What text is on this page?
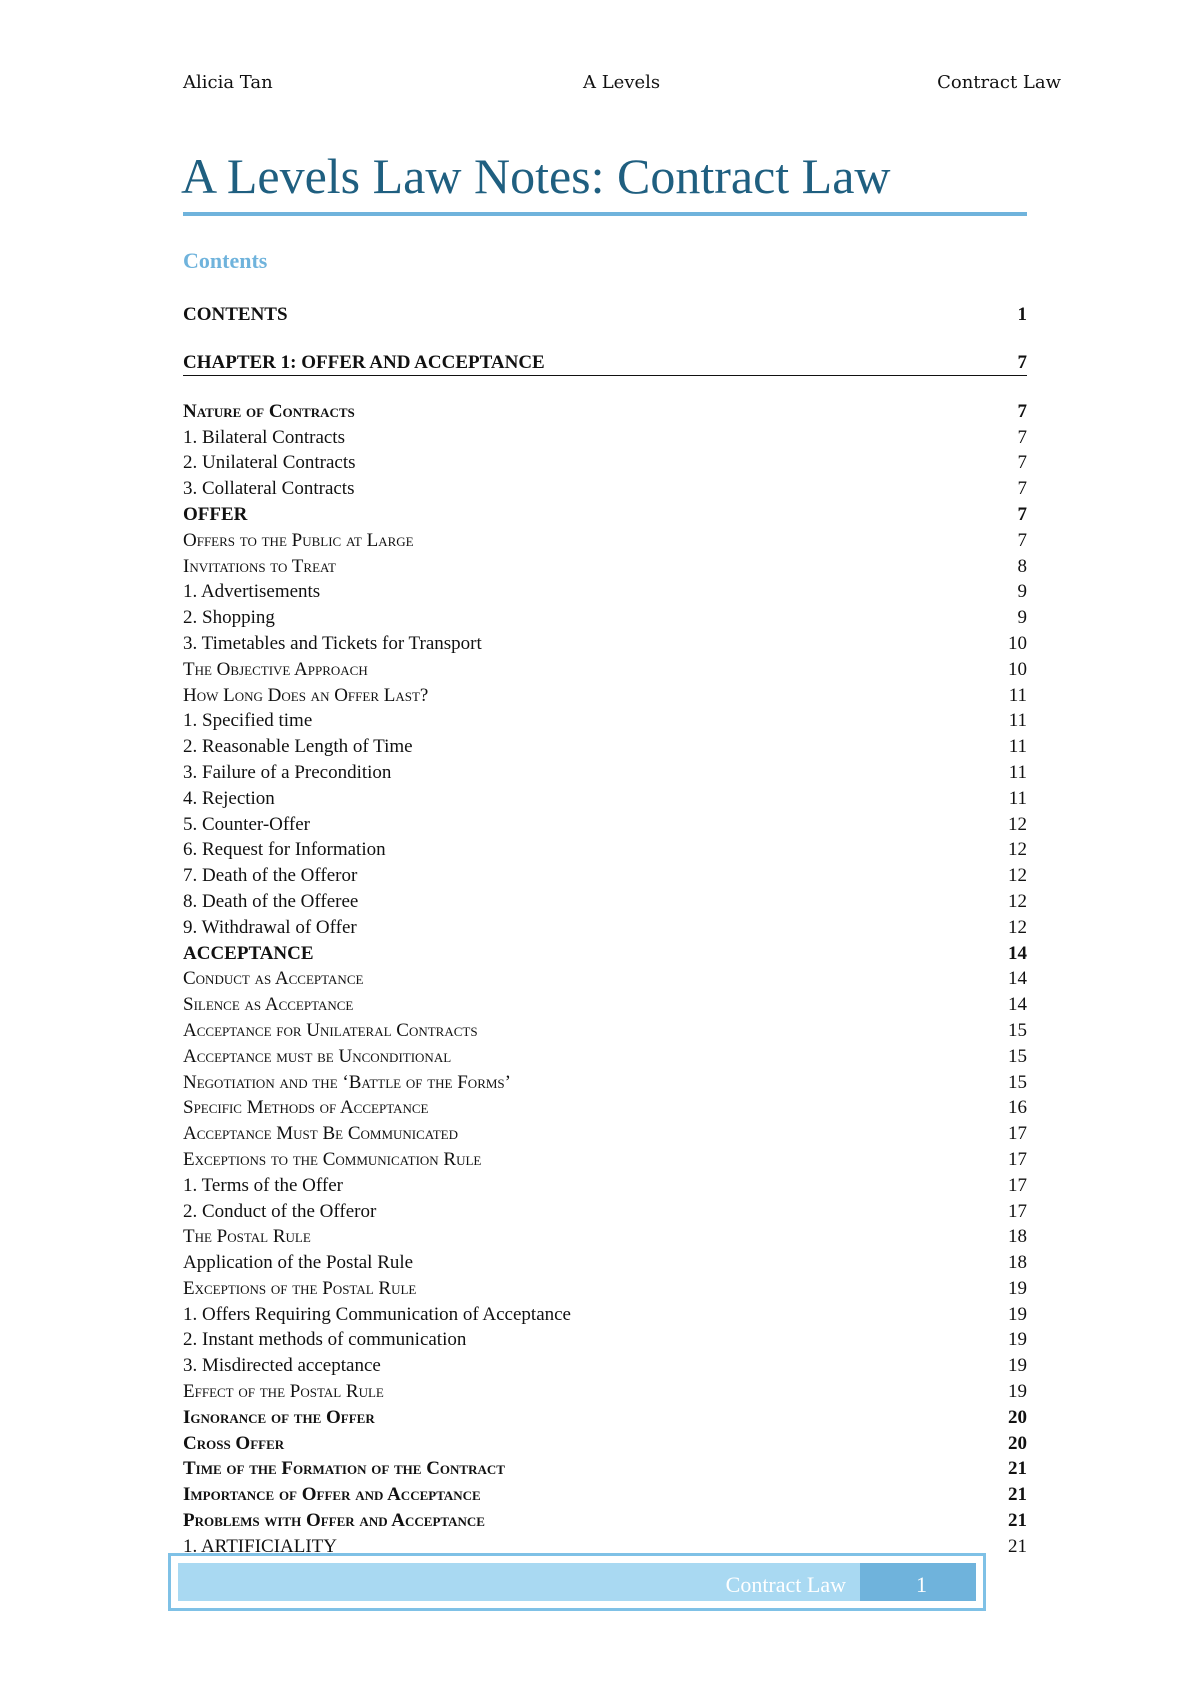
Alicia Tan	A Levels	Contract Law
A Levels Law Notes: Contract Law
Contents
CONTENTS	1
CHAPTER 1: OFFER AND ACCEPTANCE	7
Nature of Contracts	7
1. Bilateral Contracts	7
2. Unilateral Contracts	7
3. Collateral Contracts	7
OFFER	7
Offers to the Public at Large	7
Invitations to Treat	8
1. Advertisements	9
2. Shopping	9
3. Timetables and Tickets for Transport	10
The Objective Approach	10
How Long Does an Offer Last?	11
1. Specified time	11
2. Reasonable Length of Time	11
3. Failure of a Precondition	11
4. Rejection	11
5. Counter-Offer	12
6. Request for Information	12
7. Death of the Offeror	12
8. Death of the Offeree	12
9. Withdrawal of Offer	12
ACCEPTANCE	14
Conduct as Acceptance	14
Silence as Acceptance	14
Acceptance for Unilateral Contracts	15
Acceptance must be Unconditional	15
Negotiation and the ‘Battle of the Forms’	15
Specific Methods of Acceptance	16
Acceptance Must Be Communicated	17
Exceptions to the Communication Rule	17
1. Terms of the Offer	17
2. Conduct of the Offeror	17
The Postal Rule	18
Application of the Postal Rule	18
Exceptions of the Postal Rule	19
1. Offers Requiring Communication of Acceptance	19
2. Instant methods of communication	19
3. Misdirected acceptance	19
Effect of the Postal Rule	19
Ignorance of the Offer	20
Cross Offer	20
Time of the Formation of the Contract	21
Importance of Offer and Acceptance	21
Problems with Offer and Acceptance	21
1. ARTIFICIALITY	21
Contract Law	1
